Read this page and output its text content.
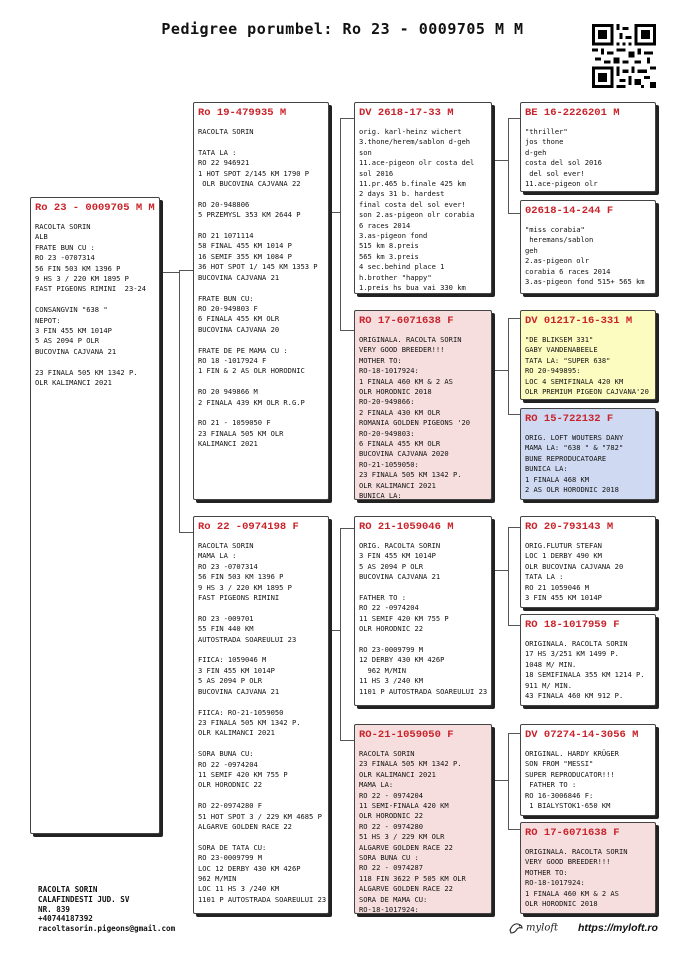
Pedigree porumbel: Ro 23 - 0009705 M M
Ro 23 - 0009705 M M
RACOLTA SORIN
ALB
FRATE BUN CU :
RO 23 -0707314
56 FIN 503 KM 1396 P
9 HS 3 / 220 KM 1895 P
FAST PIGEONS RIMINI  23-24

CONSANGVIN "638 "
NEPOT:
3 FIN 455 KM 1014P
5 AS 2094 P OLR
BUCOVINA CAJVANA 21

23 FINALA 505 KM 1342 P.
OLR KALIMANCI 2021
Ro 19-479935 M
RACOLTA SORIN

TATA LA :
RO 22 946921
1 HOT SPOT 2/145 KM 1790 P
OLR BUCOVINA CAJVANA 22

RO 20-948806
5 PRZEMYSL 353 KM 2644 P

RO 21 1071114
58 FINAL 455 KM 1014 P
16 SEMIF 355 KM 1084 P
36 HOT SPOT 1/ 145 KM 1353 P
BUCOVINA CAJVANA 21

FRATE BUN CU:
RO 20-949803 F
6 FINALA 455 KM OLR
BUCOVINA CAJVANA 20

FRATE DE PE MAMA CU :
RO 18 -1017924 F
1 FIN & 2 AS OLR HORODNIC

RO 20 949866 M
2 FINALA 439 KM OLR R.G.P

RO 21 - 1059050 F
23 FINALA 505 KM OLR
KALIMANCI 2021
Ro 22 -0974198 F
RACOLTA SORIN
MAMA LA :
RO 23 -0707314
56 FIN 503 KM 1396 P
9 HS 3 / 220 KM 1895 P
FAST PIGEONS RIMINI

RO 23 -009701
55 FIN 440 KM
AUTOSTRADA SOAREULUI 23

FIICA: 1059046 M
3 FIN 455 KM 1014P
5 AS 2094 P OLR
BUCOVINA CAJVANA 21

FIICA: RO-21-1059050
23 FINALA 505 KM 1342 P.
OLR KALIMANCI 2021

SORA BUNA CU:
RO 22 -0974204
11 SEMIF 420 KM 755 P
OLR HORODNIC 22

RO 22-0974280 F
51 HOT SPOT 3 / 229 KM 4685 P
ALGARVE GOLDEN RACE 22

SORA DE TATA CU:
RO 23-0009799 M
LOC 12 DERBY 430 KM 426P
962 M/MIN
LOC 11 HS 3 /240 KM
1101 P AUTOSTRADA SOAREULUI 23
DV 2618-17-33 M
orig. karl-heinz wichert
3.thone/herem/sablon d-geh
son
11.ace-pigeon olr costa del
sol 2016
11.pr.465 b.finale 425 km
2 days 31 b. hardest
final costa del sol ever!
son 2.as-pigeon olr corabia
6 races 2014
3.as-pigeon fond
515 km 8.preis
565 km 3.preis
4 sec.behind place 1
h.brother "happy"
1.preis hs bua vai 330 km
RO 17-6071638 F
ORIGINALA. RACOLTA SORIN
VERY GOOD BREEDER!!!
MOTHER TO:
RO-18-1017924:
1 FINALA 460 KM & 2 AS
OLR HORODNIC 2018
RO-20-949866:
2 FINALA 430 KM OLR
ROMANIA GOLDEN PIGEONS '20
RO-20-949803:
6 FINALA 455 KM OLR
BUCOVINA CAJVANA 2020
RO-21-1059050:
23 FINALA 505 KM 1342 P.
OLR KALIMANCI 2021
BUNICA LA:
RO 21-1059046 M
ORIG. RACOLTA SORIN
3 FIN 455 KM 1014P
5 AS 2094 P OLR
BUCOVINA CAJVANA 21

FATHER TO :
RO 22 -0974204
11 SEMIF 420 KM 755 P
OLR HORODNIC 22

RO 23-0009799 M
12 DERBY 430 KM 426P
962 M/MIN
11 HS 3 /240 KM
1101 P AUTOSTRADA SOAREULUI 23
RO-21-1059050 F
RACOLTA SORIN
23 FINALA 505 KM 1342 P.
OLR KALIMANCI 2021
MAMA LA:
RO 22 - 0974204
11 SEMI-FINALA 420 KM
OLR HORODNIC 22
RO 22 - 0974280
51 HS 3 / 229 KM OLR
ALGARVE GOLDEN RACE 22
SORA BUNA CU :
RO 22 - 0974287
118 FIN 3622 P 505 KM OLR
ALGARVE GOLDEN RACE 22
SORA DE MAMA CU:
RO-18-1017924:
BE 16-2226201 M
"thriller"
jos thone
d-geh
costa del sol 2016
del sol ever!
11.ace-pigeon olr
02618-14-244 F
"miss corabia"
heremans/sablon
geh
2.as-pigeon olr
corabia 6 races 2014
3.as-pigeon fond 515+ 565 km
DV 01217-16-331 M
"DE BLIKSEM 331"
GABY VANDENABEELE
TATA LA: "SUPER 638"
RO 20-949895:
LOC 4 SEMIFINALA 420 KM
OLR PREMIUM PIGEON CAJVANA'20
RO 15-722132 F
ORIG. LOFT WOUTERS DANY
MAMA LA: "638 " & "782"
BUNE REPRODUCATOARE
BUNICA LA:
1 FINALA 468 KM
2 AS OLR HORODNIC 2018
RO 20-793143 M
ORIG.FLUTUR STEFAN
LOC 1 DERBY 490 KM
OLR BUCOVINA CAJVANA 20
TATA LA :
RO 21 1059046 M
3 FIN 455 KM 1014P
RO 18-1017959 F
ORIGINALA. RACOLTA SORIN
17 HS 3/251 KM 1499 P.
1048 M/ MIN.
18 SEMIFINALA 355 KM 1214 P.
911 M/ MIN.
43 FINALA 460 KM 912 P.
DV 07274-14-3056 M
ORIGINAL. HARDY KRÜGER
SON FROM "MESSI"
SUPER REPRODUCATOR!!!
FATHER TO :
RO 16-3006846 F:
1 BIALYSTOK1-650 KM
RO 17-6071638 F
ORIGINALA. RACOLTA SORIN
VERY GOOD BREEDER!!!
MOTHER TO:
RO-18-1017924:
1 FINALA 460 KM & 2 AS
OLR HORODNIC 2018
RACOLTA SORIN
CALAFINDESTI JUD. SV
NR. 839
+40744187392
racoltasorin.pigeons@gmail.com	myloft https://myloft.ro
